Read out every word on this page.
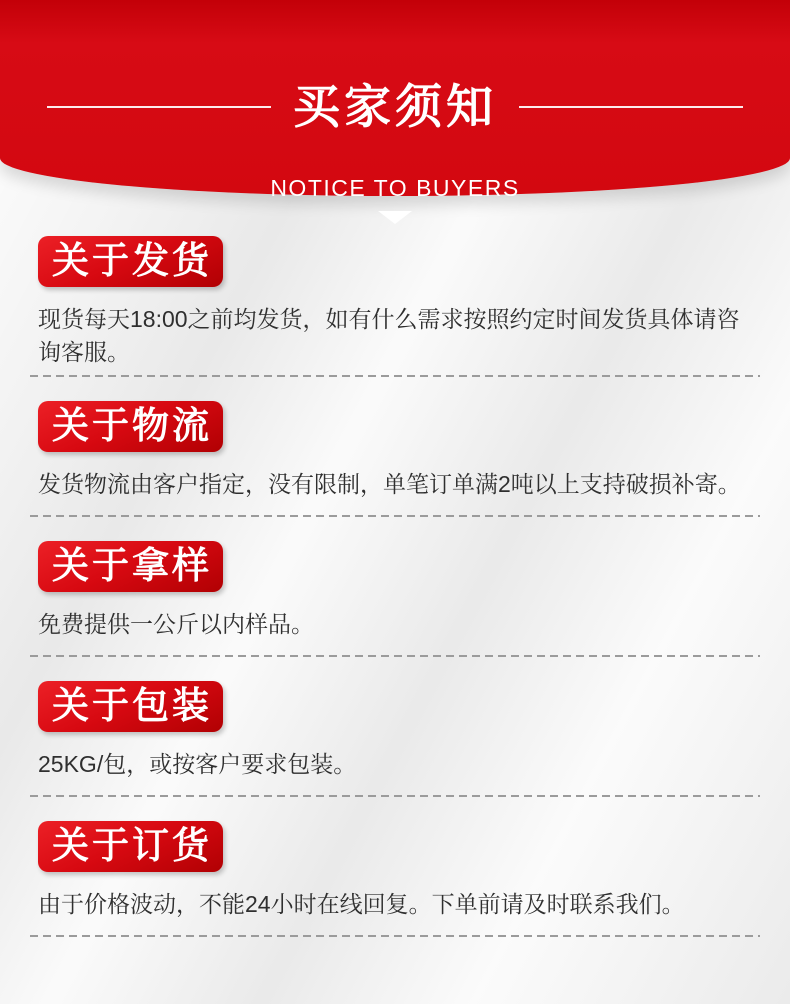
买家须知
NOTICE TO BUYERS
关于发货

现货每天18:00之前均发货，如有什么需求按照约定时间发货具体请咨询客服。

关于物流

发货物流由客户指定，没有限制，单笔订单满2吨以上支持破损补寄。

关于拿样

免费提供一公斤以内样品。

关于包装

25KG/包，或按客户要求包装。

关于订货

由于价格波动，不能24小时在线回复。下单前请及时联系我们。
